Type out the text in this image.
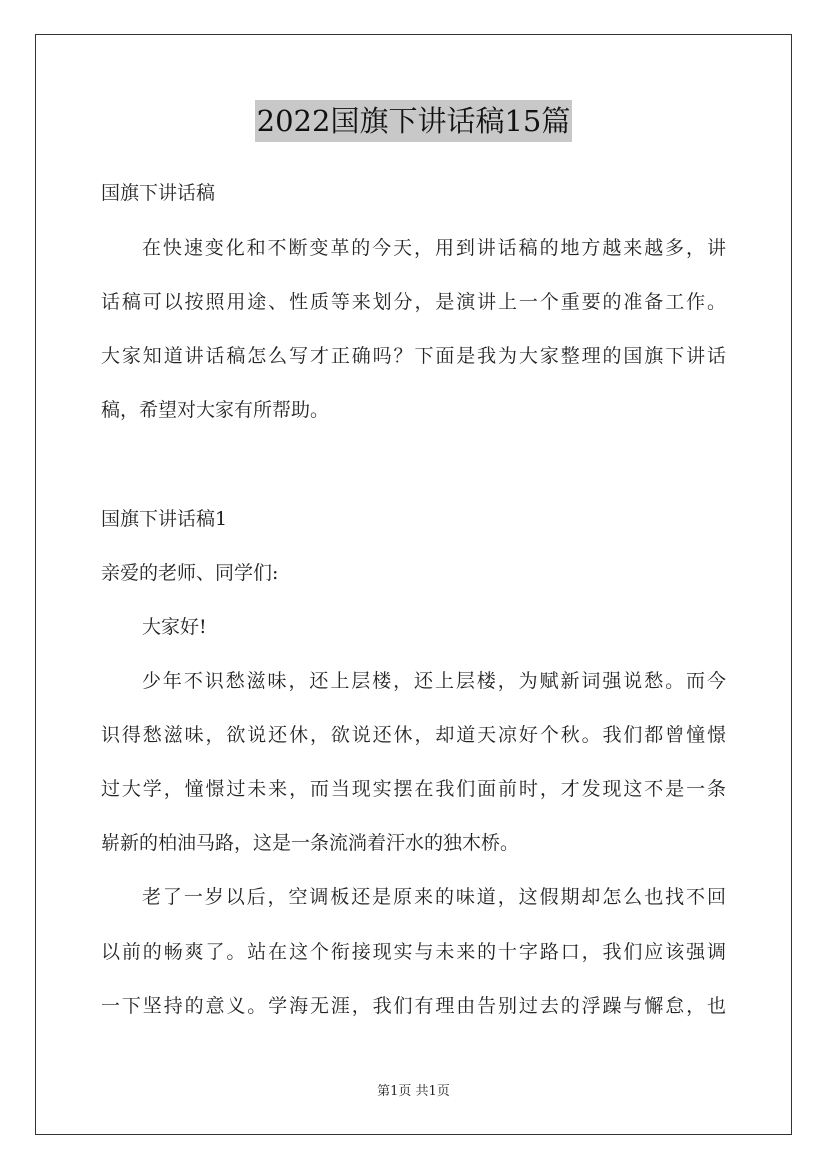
2022国旗下讲话稿15篇
国旗下讲话稿
在快速变化和不断变革的今天，用到讲话稿的地方越来越多，讲
话稿可以按照用途、性质等来划分，是演讲上一个重要的准备工作。
大家知道讲话稿怎么写才正确吗？下面是我为大家整理的国旗下讲话
稿，希望对大家有所帮助。
国旗下讲话稿1
亲爱的老师、同学们:
大家好!
少年不识愁滋味，还上层楼，还上层楼，为赋新词强说愁。而今
识得愁滋味，欲说还休，欲说还休，却道天凉好个秋。我们都曾憧憬
过大学，憧憬过未来，而当现实摆在我们面前时，才发现这不是一条
崭新的柏油马路，这是一条流淌着汗水的独木桥。
老了一岁以后，空调板还是原来的味道，这假期却怎么也找不回
以前的畅爽了。站在这个衔接现实与未来的十字路口，我们应该强调
一下坚持的意义。学海无涯，我们有理由告别过去的浮躁与懈怠，也
第1页 共1页
